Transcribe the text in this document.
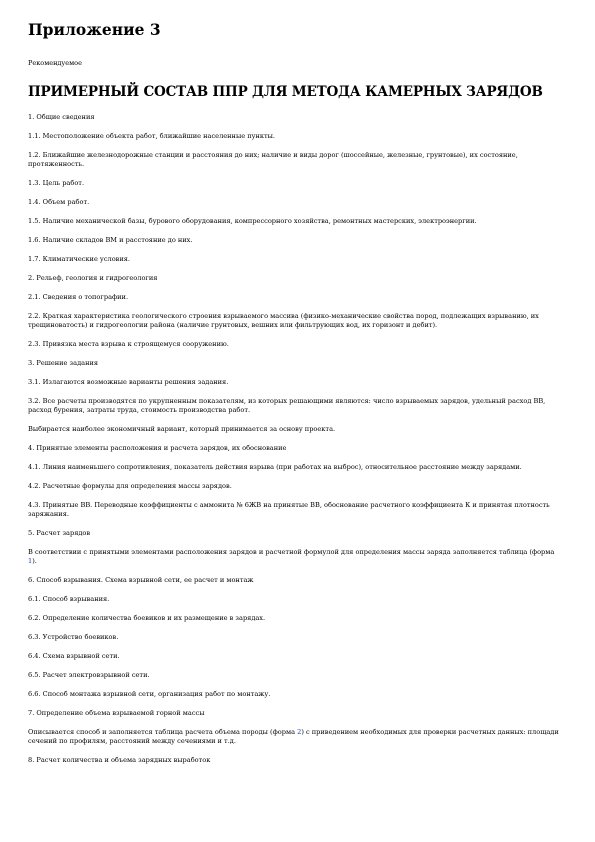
Приложение 3
Рекомендуемое
ПРИМЕРНЫЙ СОСТАВ ППР ДЛЯ МЕТОДА КАМЕРНЫХ ЗАРЯДОВ

1. Общие сведения

1.1. Местоположение объекта работ, ближайшие населенные пункты.

1.2. Ближайшие железнодорожные станции и расстояния до них; наличие и виды дорог (шоссейные, железные, грунтовые), их состояние, протяженность.

1.3. Цель работ.

1.4. Объем работ.

1.5. Наличие механической базы, бурового оборудования, компрессорного хозяйства, ремонтных мастерских, электроэнергии.

1.6. Наличие складов ВМ и расстояние до них.

1.7. Климатические условия.

2. Рельеф, геология и гидрогеология

2.1. Сведения о топографии.

2.2. Краткая характеристика геологического строения взрываемого массива (физико-механические свойства пород, подлежащих взрыванию, их трещиноватость) и гидрогеологии района (наличие грунтовых, вешних или фильтрующих вод, их горизонт и дебит).

2.3. Привязка места взрыва к строящемуся сооружению.

3. Решение задания

3.1. Излагаются возможные варианты решения задания.

3.2. Все расчеты производятся по укрупненным показателям, из которых решающими являются: число взрываемых зарядов, удельный расход ВВ, расход бурения, затраты труда, стоимость производства работ.

Выбирается наиболее экономичный вариант, который принимается за основу проекта.

4. Принятые элементы расположения и расчета зарядов, их обоснование

4.1. Линия наименьшего сопротивления, показатель действия взрыва (при работах на выброс), относительное расстояние между зарядами.

4.2. Расчетные формулы для определения массы зарядов.

4.3. Принятые ВВ. Переводные коэффициенты с аммонита № 6ЖВ на принятые ВВ, обоснование расчетного коэффициента К и принятая плотность заряжания.

5. Расчет зарядов

В соответствии с принятыми элементами расположения зарядов и расчетной формулой для определения массы заряда заполняется таблица (форма 1).

6. Способ взрывания. Схема взрывной сети, ее расчет и монтаж

6.1. Способ взрывания.

6.2. Определение количества боевиков и их размещение в зарядах.

6.3. Устройство боевиков.

6.4. Схема взрывной сети.

6.5. Расчет электровзрывной сети.

6.6. Способ монтажа взрывной сети, организация работ по монтажу.

7. Определение объема взрываемой горной массы

Описывается способ и заполняется таблица расчета объема породы (форма 2) с приведением необходимых для проверки расчетных данных: площади сечений по профилям, расстояний между сечениями и т.д.

8. Расчет количества и объема зарядных выработок
